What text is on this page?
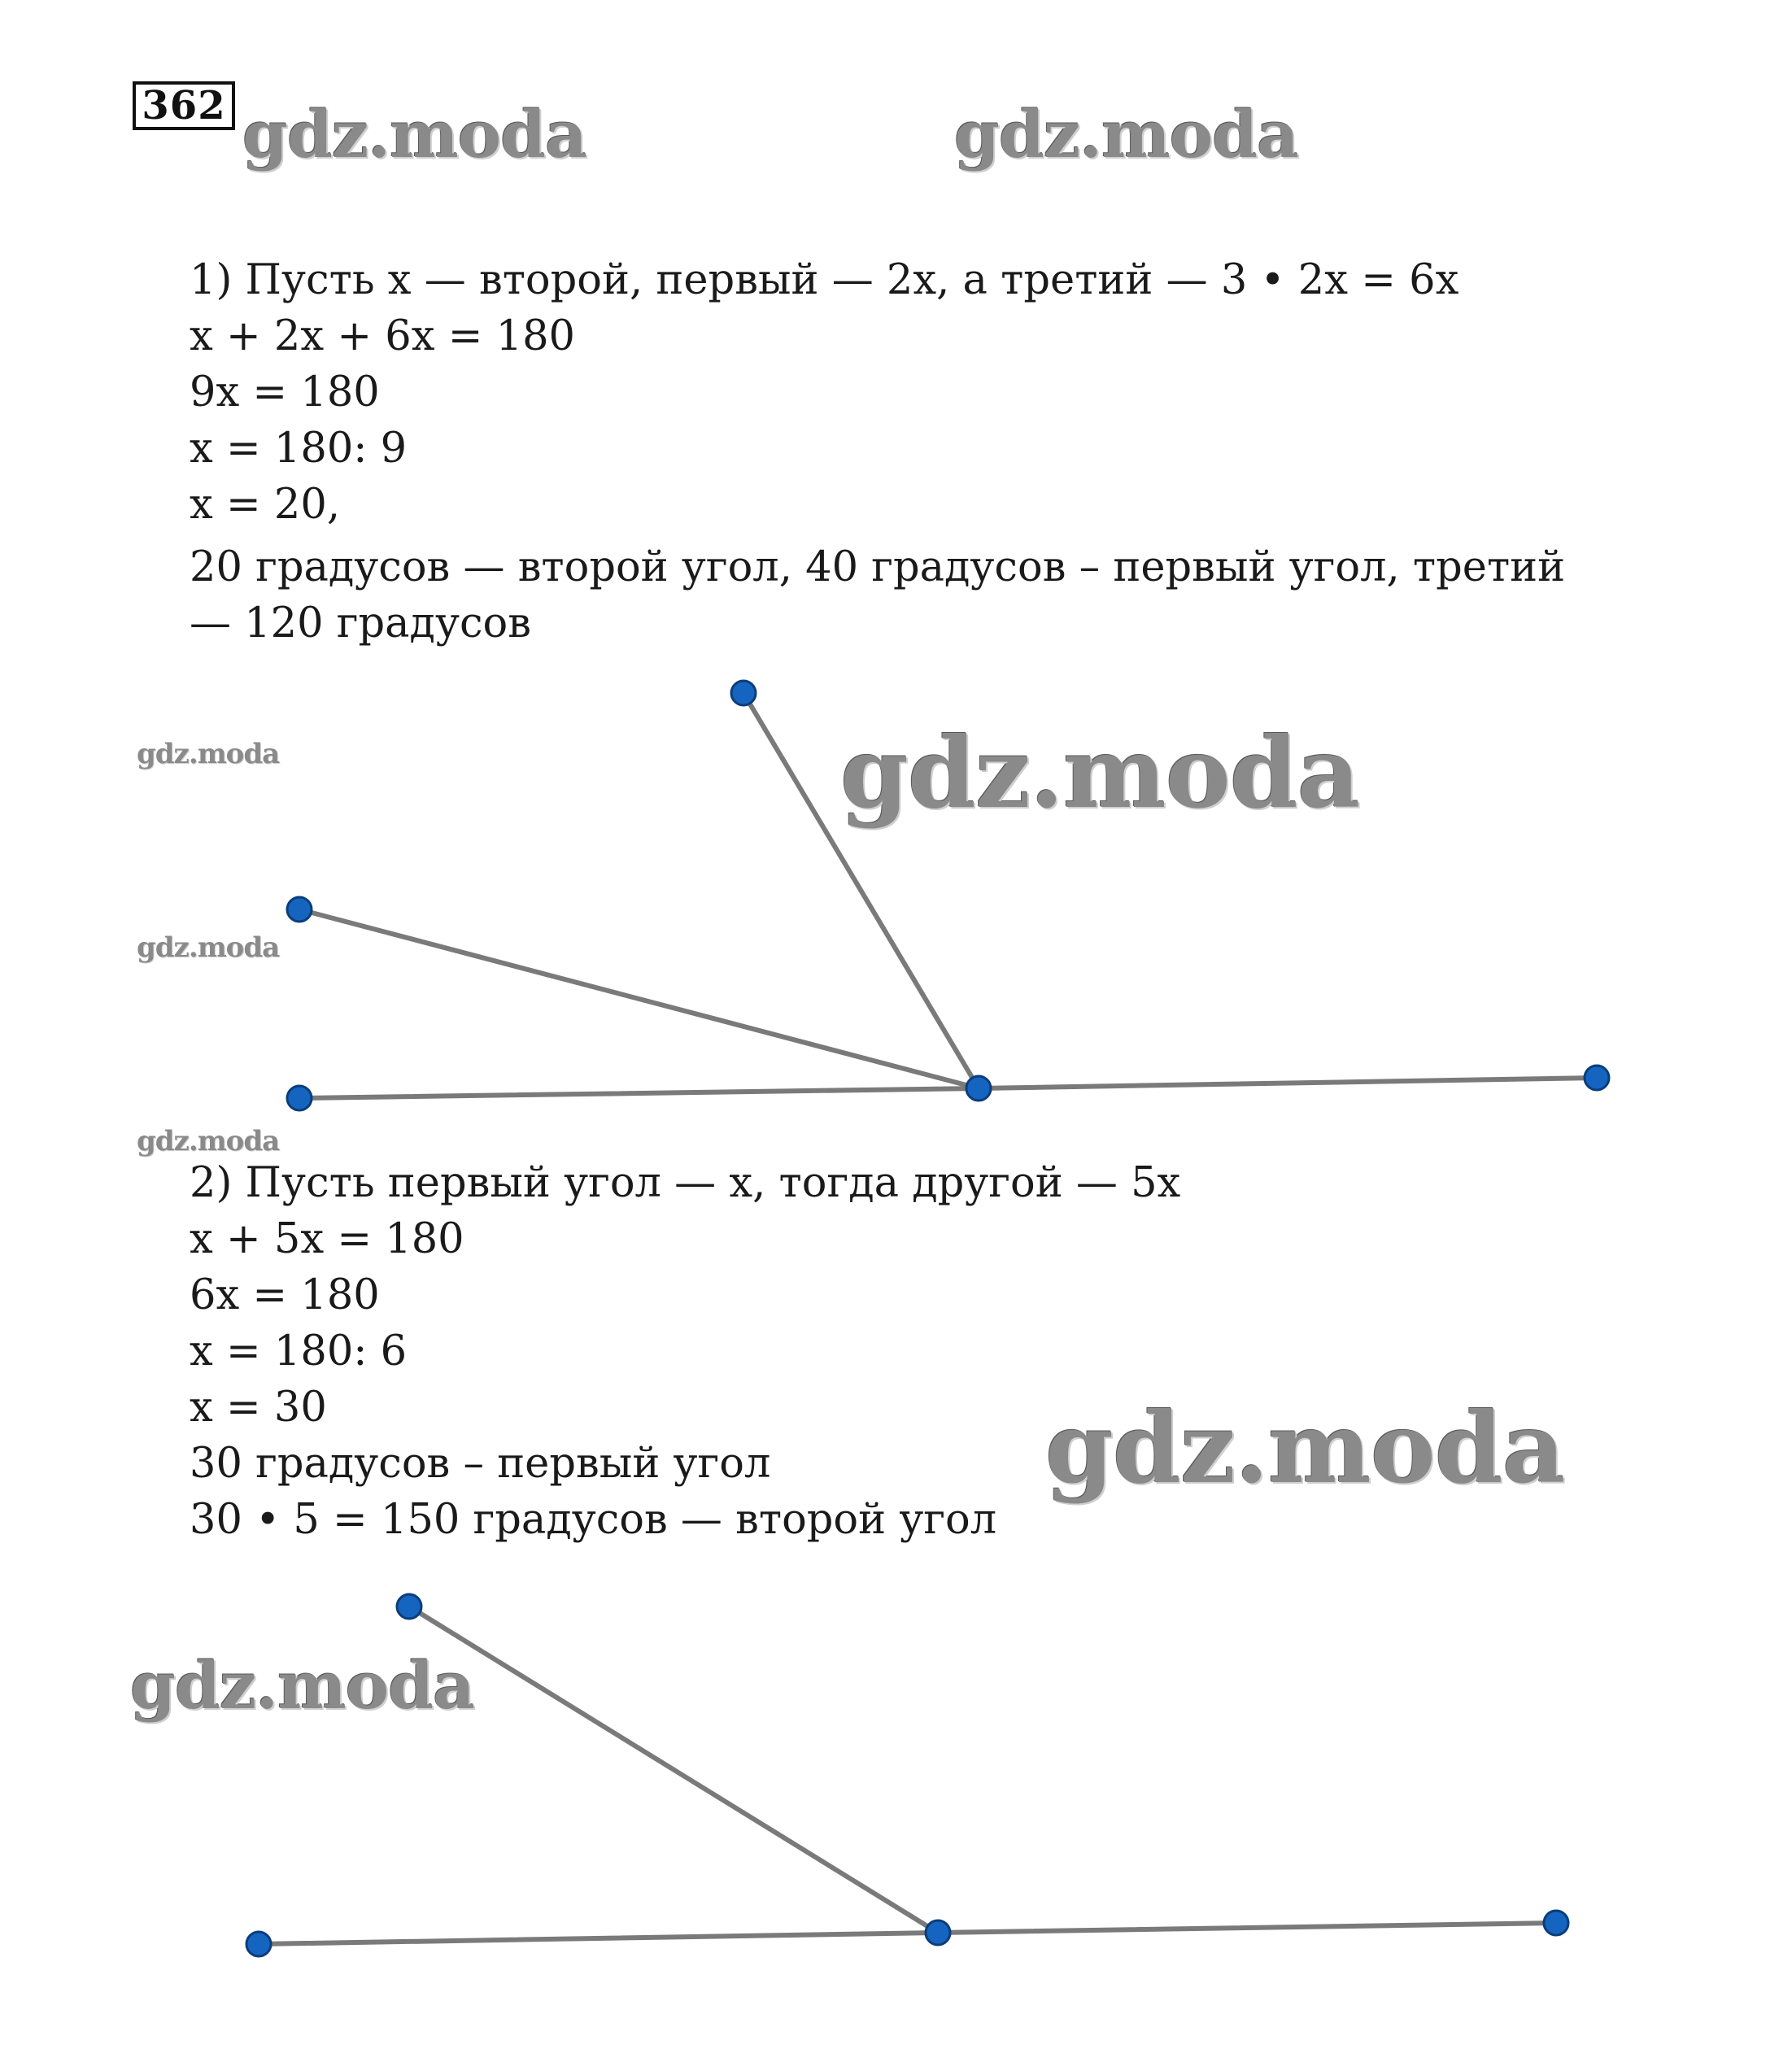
362 gdz.moda	gdz.moda
gdz.moda	gdz.moda
gdz.moda
gdz.moda
gdz.moda
gdz.moda
1) Пусть x — второй, первый — 2x, а третий — 3 • 2x = 6x
x + 2x + 6x = 180
9x = 180
x = 180: 9
x = 20,
20 градусов — второй угол, 40 градусов – первый угол, третий
— 120 градусов
2) Пусть первый угол — x, тогда другой — 5x
x + 5x = 180
6x = 180
x = 180: 6
x = 30
30 градусов – первый угол
30 • 5 = 150 градусов — второй угол
